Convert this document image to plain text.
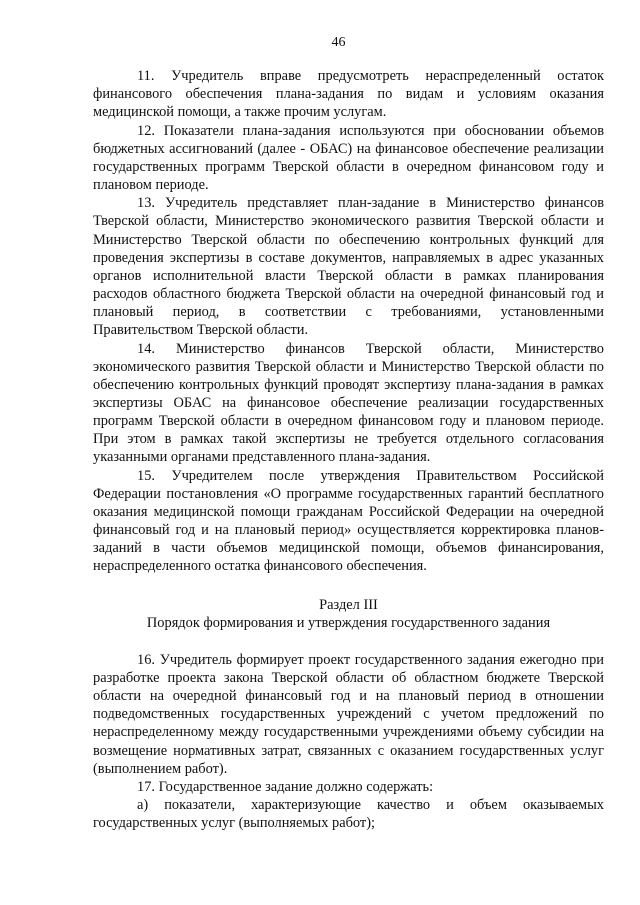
46

11. Учредитель вправе предусмотреть нераспределенный остаток финансового обеспечения плана-задания по видам и условиям оказания медицинской помощи, а также прочим услугам.

12. Показатели плана-задания используются при обосновании объемов бюджетных ассигнований (далее - ОБАС) на финансовое обеспечение реализации государственных программ Тверской области в очередном финансовом году и плановом периоде.

13. Учредитель представляет план-задание в Министерство финансов Тверской области, Министерство экономического развития Тверской области и Министерство Тверской области по обеспечению контрольных функций для проведения экспертизы в составе документов, направляемых в адрес указанных органов исполнительной власти Тверской области в рамках планирования расходов областного бюджета Тверской области на очередной финансовый год и плановый период, в соответствии с требованиями, установленными Правительством Тверской области.

14. Министерство финансов Тверской области, Министерство экономического развития Тверской области и Министерство Тверской области по обеспечению контрольных функций проводят экспертизу плана-задания в рамках экспертизы ОБАС на финансовое обеспечение реализации государственных программ Тверской области в очередном финансовом году и плановом периоде. При этом в рамках такой экспертизы не требуется отдельного согласования указанными органами представленного плана-задания.

15. Учредителем после утверждения Правительством Российской Федерации постановления «О программе государственных гарантий бесплатного оказания медицинской помощи гражданам Российской Федерации на очередной финансовый год и на плановый период» осуществляется корректировка планов-заданий в части объемов медицинской помощи, объемов финансирования, нераспределенного остатка финансового обеспечения.

Раздел III
Порядок формирования и утверждения государственного задания

16. Учредитель формирует проект государственного задания ежегодно при разработке проекта закона Тверской области об областном бюджете Тверской области на очередной финансовый год и на плановый период в отношении подведомственных государственных учреждений с учетом предложений по нераспределенному между государственными учреждениями объему субсидии на возмещение нормативных затрат, связанных с оказанием государственных услуг (выполнением работ).

17. Государственное задание должно содержать:

а) показатели, характеризующие качество и объем оказываемых государственных услуг (выполняемых работ);
